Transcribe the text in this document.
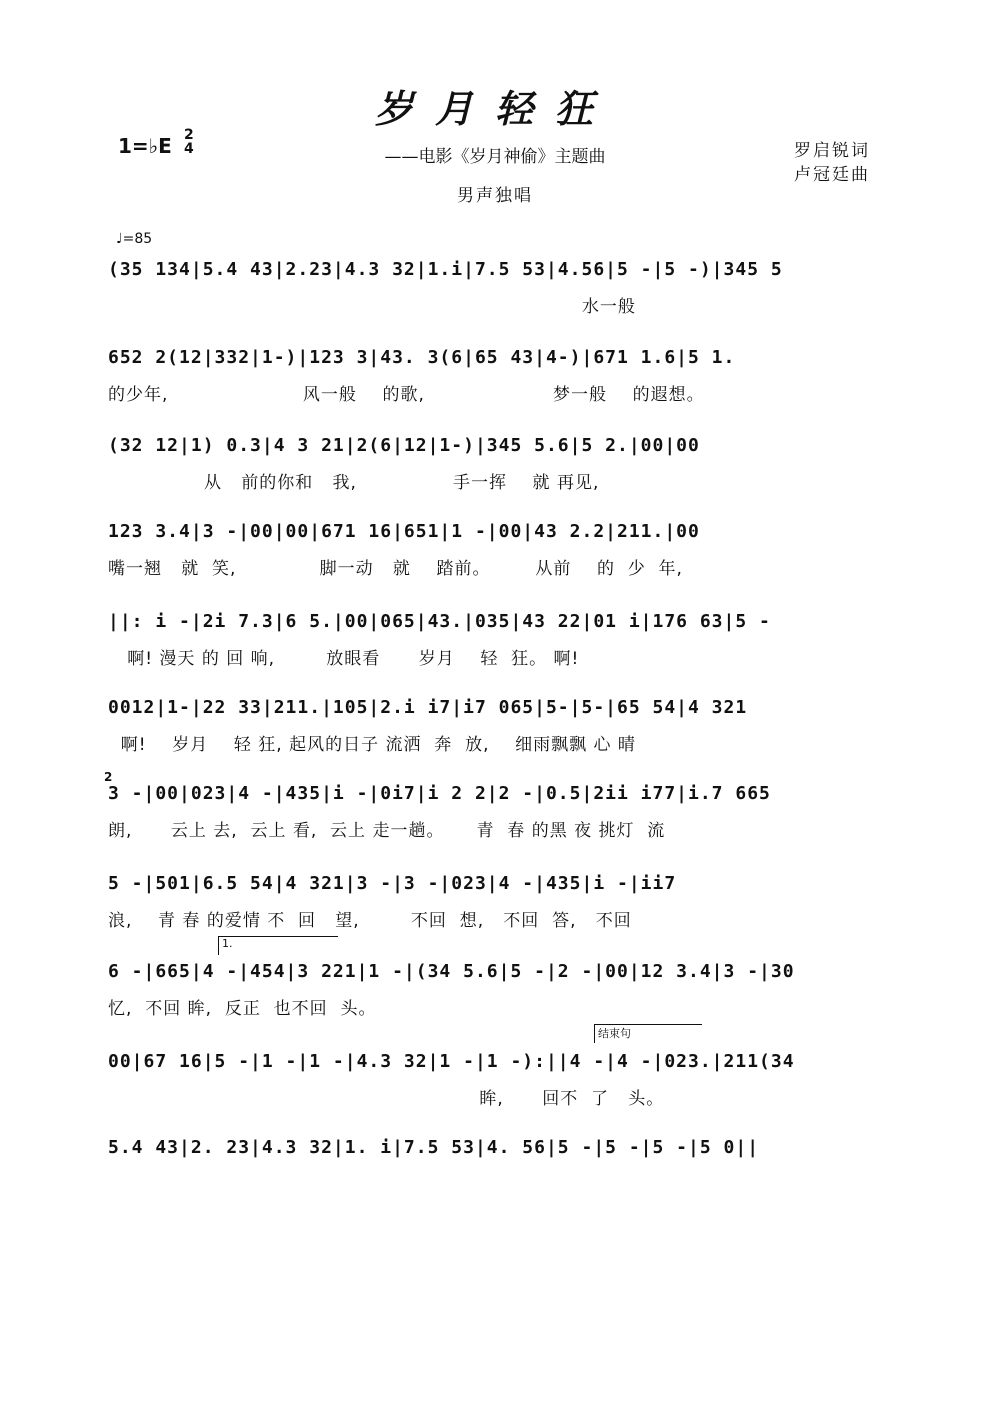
岁月轻狂
1=♭E 2
4	——电影《岁月神偷》主题曲
男声独唱
罗启锐词
卢冠廷曲
♩=85
(35 134|5.4 43|2.23|4.3 32|1.i|7.5 53|4.56|5 -|5 -)|345 5
水一般
652 2(12|332|1-)|123 3|43. 3(6|65 43|4-)|671 1.6|5 1.
的少年,                     风一般    的歌,                    梦一般    的遐想。
(32 12|1) 0.3|4 3 21|2(6|12|1-)|345 5.6|5 2.|00|00
从   前的你和   我,               手一挥    就 再见,
123 3.4|3 -|00|00|671 16|651|1 -|00|43 2.2|211.|00
嘴一翘   就  笑,             脚一动   就    踏前。       从前    的  少  年,
||: i -|2i 7.3|6 5.|00|065|43.|035|43 22|01 i|176 63|5 -
啊! 漫天 的 回 响,        放眼看      岁月    轻  狂。 啊!
0012|1-|22 33|211.|105|2.i i7|i7 065|5-|5-|65 54|4 321
啊!    岁月    轻 狂, 起风的日子 流洒  奔  放,    细雨飘飘 心 晴
2
3 -|00|023|4 -|435|i -|0i7|i 2 2|2 -|0.5|2ii i77|i.7 665
朗,      云上 去,  云上 看,  云上 走一趟。     青  春 的黑 夜 挑灯  流
5 -|501|6.5 54|4 321|3 -|3 -|023|4 -|435|i -|ii7
浪,    青 春 的爱情 不  回   望,        不回  想,   不回  答,   不回
1.
6 -|665|4 -|454|3 221|1 -|(34 5.6|5 -|2 -|00|12 3.4|3 -|30
忆,  不回 眸,  反正  也不回  头。
结束句
00|67 16|5 -|1 -|1 -|4.3 32|1 -|1 -):||4 -|4 -|023.|211(34
眸,      回不  了   头。
5.4 43|2. 23|4.3 32|1. i|7.5 53|4. 56|5 -|5 -|5 -|5 0||
